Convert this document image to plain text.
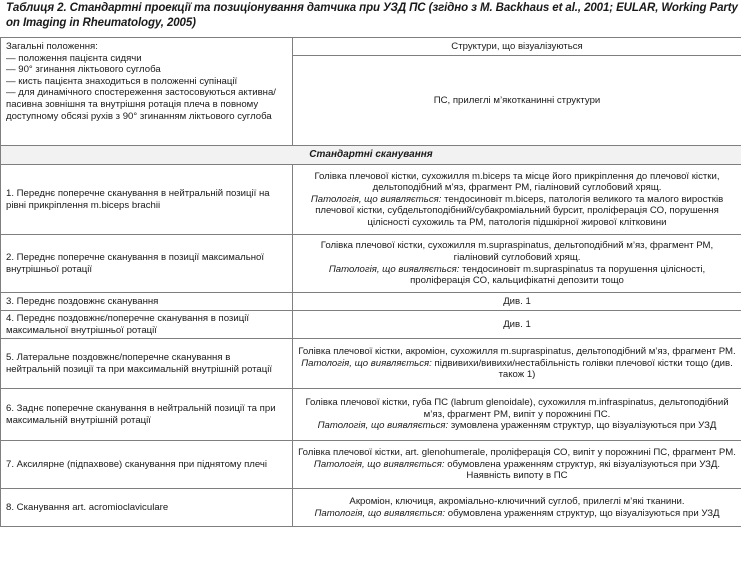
Таблиця 2. Стандартні проекції та позиціонування датчика при УЗД ПС (згідно з M. Backhaus et al., 2001; EULAR, Working Party on Imaging in Rheumatology, 2005)
Загальні положення:
— положення пацієнта сидячи
— 90° згинання ліктьового суглоба
— кисть пацієнта знаходиться в положенні супінації
— для динамічного спостереження застосовуються активна/пасивна зовнішня та внутрішня ротація плеча в повному доступному обсязі рухів з 90° згинанням ліктьового суглоба	Структури, що візуалізуються
	ПС, прилеглі м’якотканинні структури
Стандартні сканування	
1. Переднє поперечне сканування в нейтральній позиції на рівні прикріплення m.biceps brachii	Голівка плечової кістки, сухожилля m.biceps та місце його прикріплення до плечової кістки, дельтоподібний м’яз, фрагмент РМ, гіаліновий суглобовий хрящ.
Патологія, що виявляється: тендосиновіт m.biceps, патологія великого та малого виростків плечової кістки, субдельтоподібний/субакроміальний бурсит, проліферація СО, порушення цілісності сухожиль та РМ, патологія підшкірної жирової клітковини
2. Переднє поперечне сканування в позиції максимальної внутрішньої ротації	Голівка плечової кістки, сухожилля m.supraspinatus, дельтоподібний м’яз, фрагмент РМ, гіаліновий суглобовий хрящ.
Патологія, що виявляється: тендосиновіт m.supraspinatus та порушення цілісності, проліферація СО, кальцифікатні депозити тощо
3. Переднє поздовжнє сканування	Див. 1
4. Переднє поздовжнє/поперечне сканування в позиції максимальної внутрішньої ротації	Див. 1
5. Латеральне поздовжнє/поперечне сканування в нейтральній позиції та при максимальній внутрішній ротації	Голівка плечової кістки, акроміон, сухожилля m.supraspinatus, дельтоподібний м’яз, фрагмент РМ.
Патологія, що виявляється: підвивихи/вивихи/нестабільність голівки плечової кістки тощо (див. також 1)
6. Заднє поперечне сканування в нейтральній позиції та при максимальній внутрішній ротації	Голівка плечової кістки, губа ПС (labrum glenoidale), сухожилля m.infraspinatus, дельтоподібний м’яз, фрагмент РМ, випіт у порожнині ПС.
Патологія, що виявляється: зумовлена ураженням структур, що візуалізуються при УЗД
7. Аксилярне (підпахвове) сканування при піднятому плечі	Голівка плечової кістки, art. glenohumerale, проліферація СО, випіт у порожнині ПС, фрагмент РМ.
Патологія, що виявляється: обумовлена ураженням структур, які візуалізуються при УЗД. Наявність випоту в ПС
8. Сканування art. acromioclaviculare	Акроміон, ключиця, акроміально-ключичний суглоб, прилеглі м’які тканини.
Патологія, що виявляється: обумовлена ураженням структур, що візуалізуються при УЗД
